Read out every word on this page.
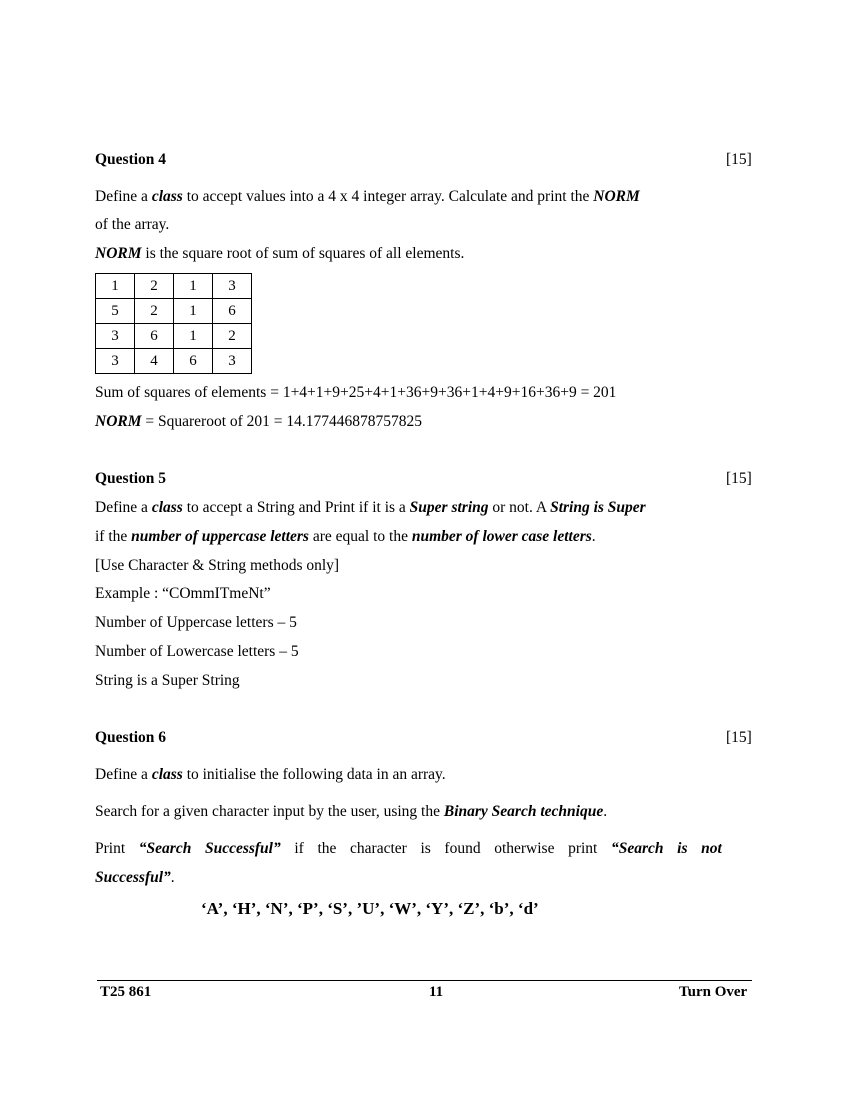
Question 4	[15]
Define a class to accept values into a 4 x 4 integer array. Calculate and print the NORM
of the array.
NORM is the square root of sum of squares of all elements.
1	2	1	3
5	2	1	6
3	6	1	2
3	4	6	3
Sum of squares of elements = 1+4+1+9+25+4+1+36+9+36+1+4+9+16+36+9 = 201
NORM = Squareroot of 201 = 14.177446878757825
Question 5	[15]
Define a class to accept a String and Print if it is a Super string or not. A String is Super
if the number of uppercase letters are equal to the number of lower case letters.
[Use Character & String methods only]
Example : “COmmITmeNt”
Number of Uppercase letters – 5
Number of Lowercase letters – 5
String is a Super String
Question 6	[15]
Define a class to initialise the following data in an array.
Search for a given character input by the user, using the Binary Search technique.
Print “Search Successful” if the character is found otherwise print “Search is not
Successful”.
‘A’, ‘H’, ‘N’, ‘P’, ‘S’, ’U’, ‘W’, ‘Y’, ‘Z’, ‘b’, ‘d’
T25 861	11	Turn Over
